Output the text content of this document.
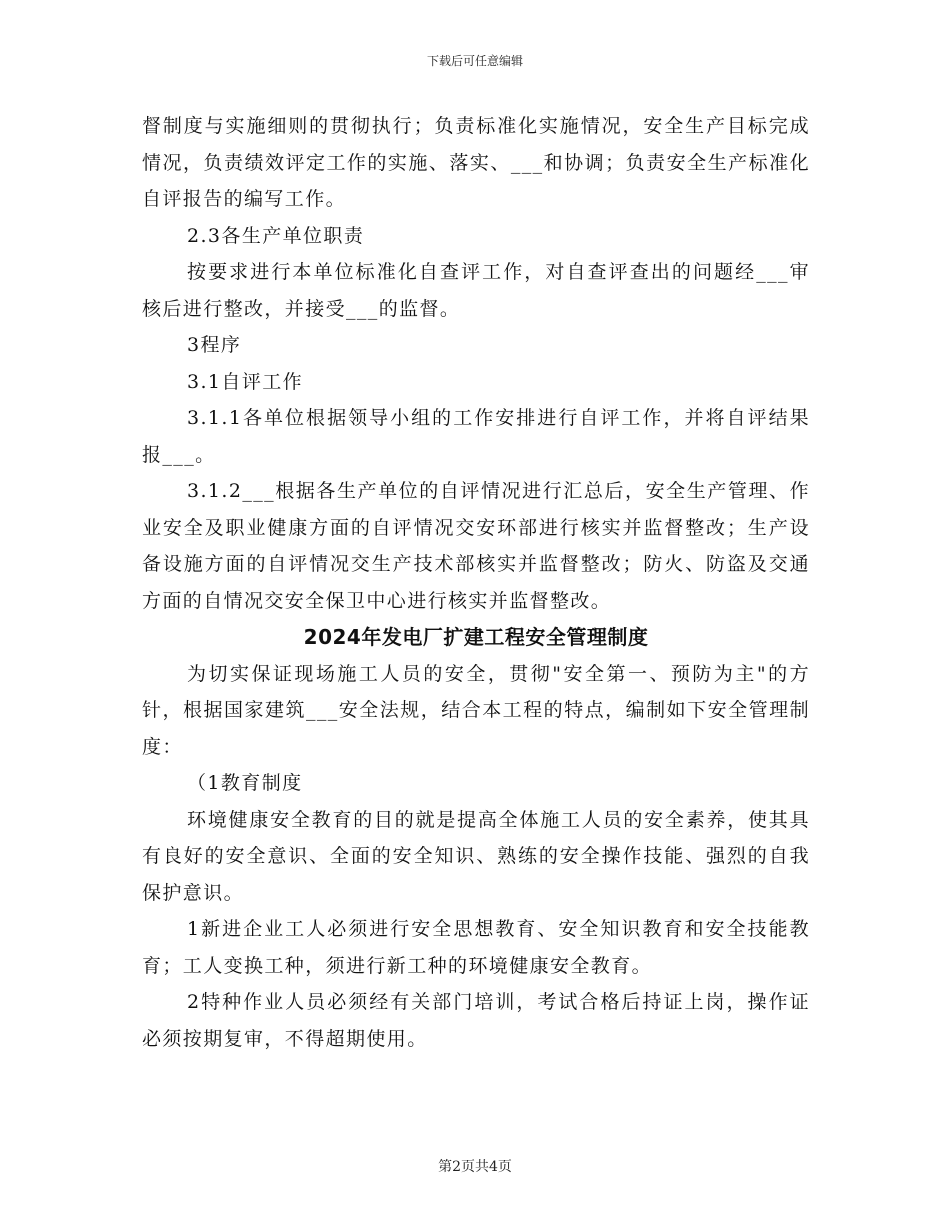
下载后可任意编辑

督制度与实施细则的贯彻执行；负责标准化实施情况，安全生产目标完成情况，负责绩效评定工作的实施、落实、___和协调；负责安全生产标准化自评报告的编写工作。

2.3各生产单位职责

按要求进行本单位标准化自查评工作，对自查评查出的问题经___审核后进行整改，并接受___的监督。

3程序

3.1自评工作

3.1.1各单位根据领导小组的工作安排进行自评工作，并将自评结果报___。

3.1.2___根据各生产单位的自评情况进行汇总后，安全生产管理、作业安全及职业健康方面的自评情况交安环部进行核实并监督整改；生产设备设施方面的自评情况交生产技术部核实并监督整改；防火、防盗及交通方面的自情况交安全保卫中心进行核实并监督整改。

2024年发电厂扩建工程安全管理制度

为切实保证现场施工人员的安全，贯彻"安全第一、预防为主"的方针，根据国家建筑___安全法规，结合本工程的特点，编制如下安全管理制度：

（1教育制度

环境健康安全教育的目的就是提高全体施工人员的安全素养，使其具有良好的安全意识、全面的安全知识、熟练的安全操作技能、强烈的自我保护意识。

1新进企业工人必须进行安全思想教育、安全知识教育和安全技能教育；工人变换工种，须进行新工种的环境健康安全教育。

2特种作业人员必须经有关部门培训，考试合格后持证上岗，操作证必须按期复审，不得超期使用。

第2页共4页
